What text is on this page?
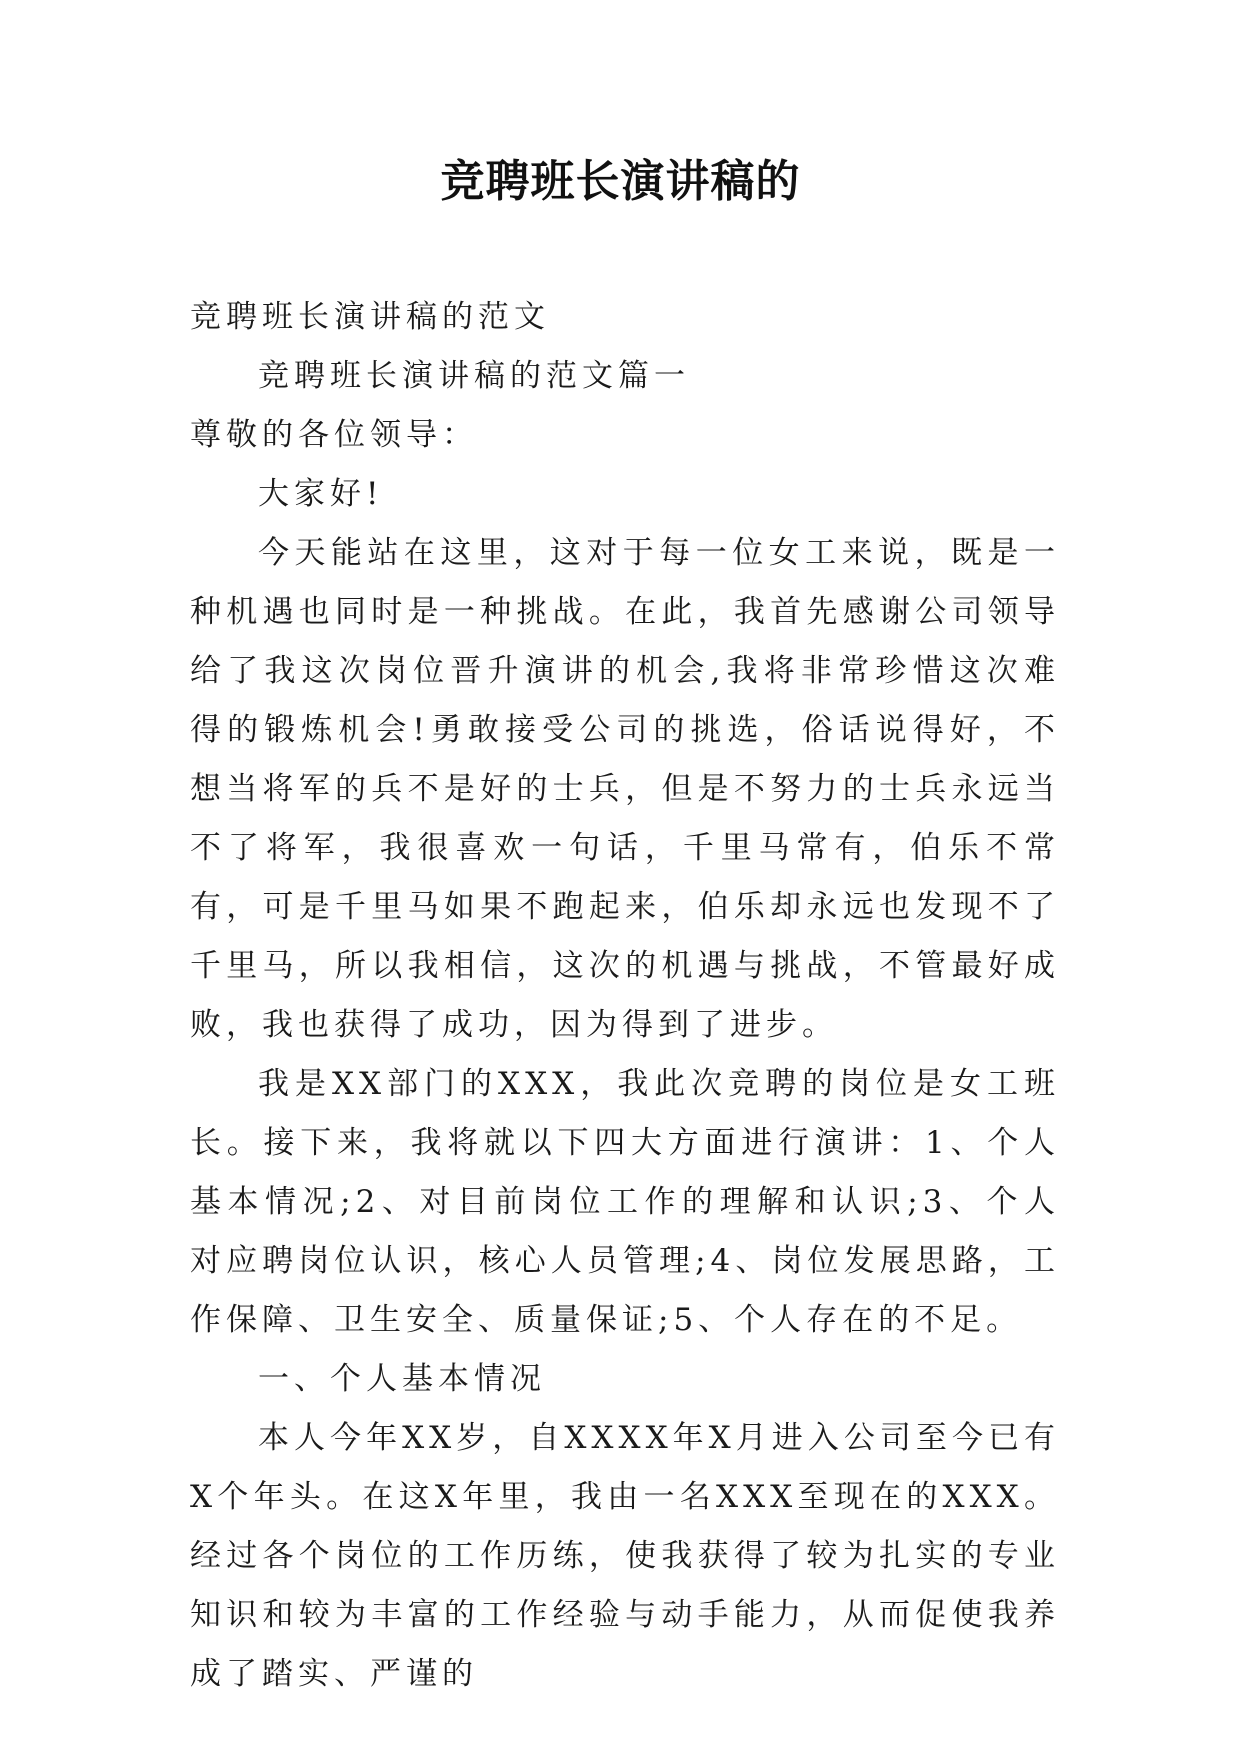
竞聘班长演讲稿的

竞聘班长演讲稿的范文

竞聘班长演讲稿的范文篇一

尊敬的各位领导：

大家好!

今天能站在这里，这对于每一位女工来说，既是一种机遇也同时是一种挑战。在此，我首先感谢公司领导给了我这次岗位晋升演讲的机会,我将非常珍惜这次难得的锻炼机会!勇敢接受公司的挑选，俗话说得好，不想当将军的兵不是好的士兵，但是不努力的士兵永远当不了将军，我很喜欢一句话，千里马常有，伯乐不常有，可是千里马如果不跑起来，伯乐却永远也发现不了千里马，所以我相信，这次的机遇与挑战，不管最好成败，我也获得了成功，因为得到了进步。

我是XX部门的XXX，我此次竞聘的岗位是女工班长。接下来，我将就以下四大方面进行演讲：1、个人基本情况;2、对目前岗位工作的理解和认识;3、个人对应聘岗位认识，核心人员管理;4、岗位发展思路，工作保障、卫生安全、质量保证;5、个人存在的不足。

一、个人基本情况

本人今年XX岁，自XXXX年X月进入公司至今已有X个年头。在这X年里，我由一名XXX至现在的XXX。经过各个岗位的工作历练，使我获得了较为扎实的专业知识和较为丰富的工作经验与动手能力，从而促使我养成了踏实、严谨的
